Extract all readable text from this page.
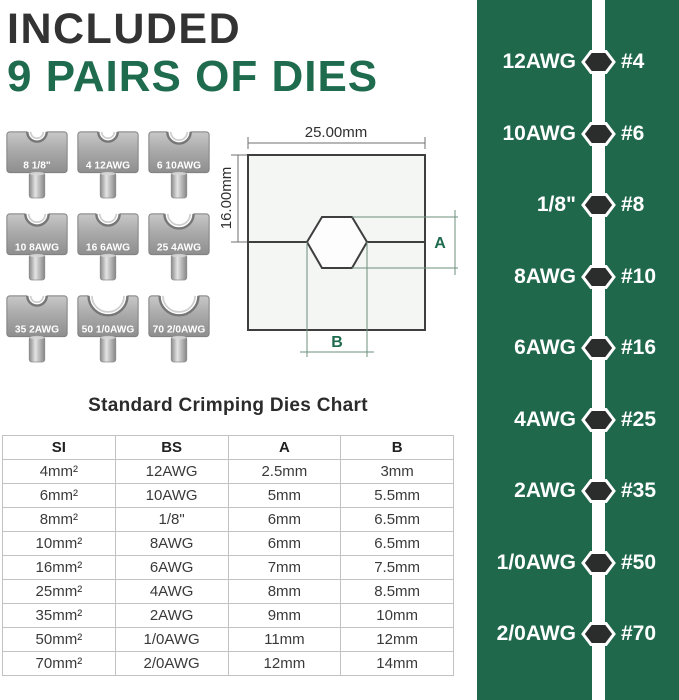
INCLUDED
9 PAIRS OF DIES
8 1/8"	4 12AWG	6 10AWG
10 8AWG	16 6AWG	25 4AWG
35 2AWG 50 1/0AWG 70 2/0AWG
25.00mm
16.00mm
A
B
Standard Crimping Dies Chart
SI	BS	A	B
4mm²	12AWG	2.5mm	3mm
6mm²	10AWG	5mm	5.5mm
8mm²	1/8"	6mm	6.5mm
10mm²	8AWG	6mm	6.5mm
16mm²	6AWG	7mm	7.5mm
25mm²	4AWG	8mm	8.5mm
35mm²	2AWG	9mm	10mm
50mm²	1/0AWG	11mm	12mm
70mm²	2/0AWG	12mm	14mm
12AWG #4
10AWG #6
1/8" #8
8AWG #10
6AWG #16
4AWG #25
2AWG #35
1/0AWG #50
2/0AWG #70
